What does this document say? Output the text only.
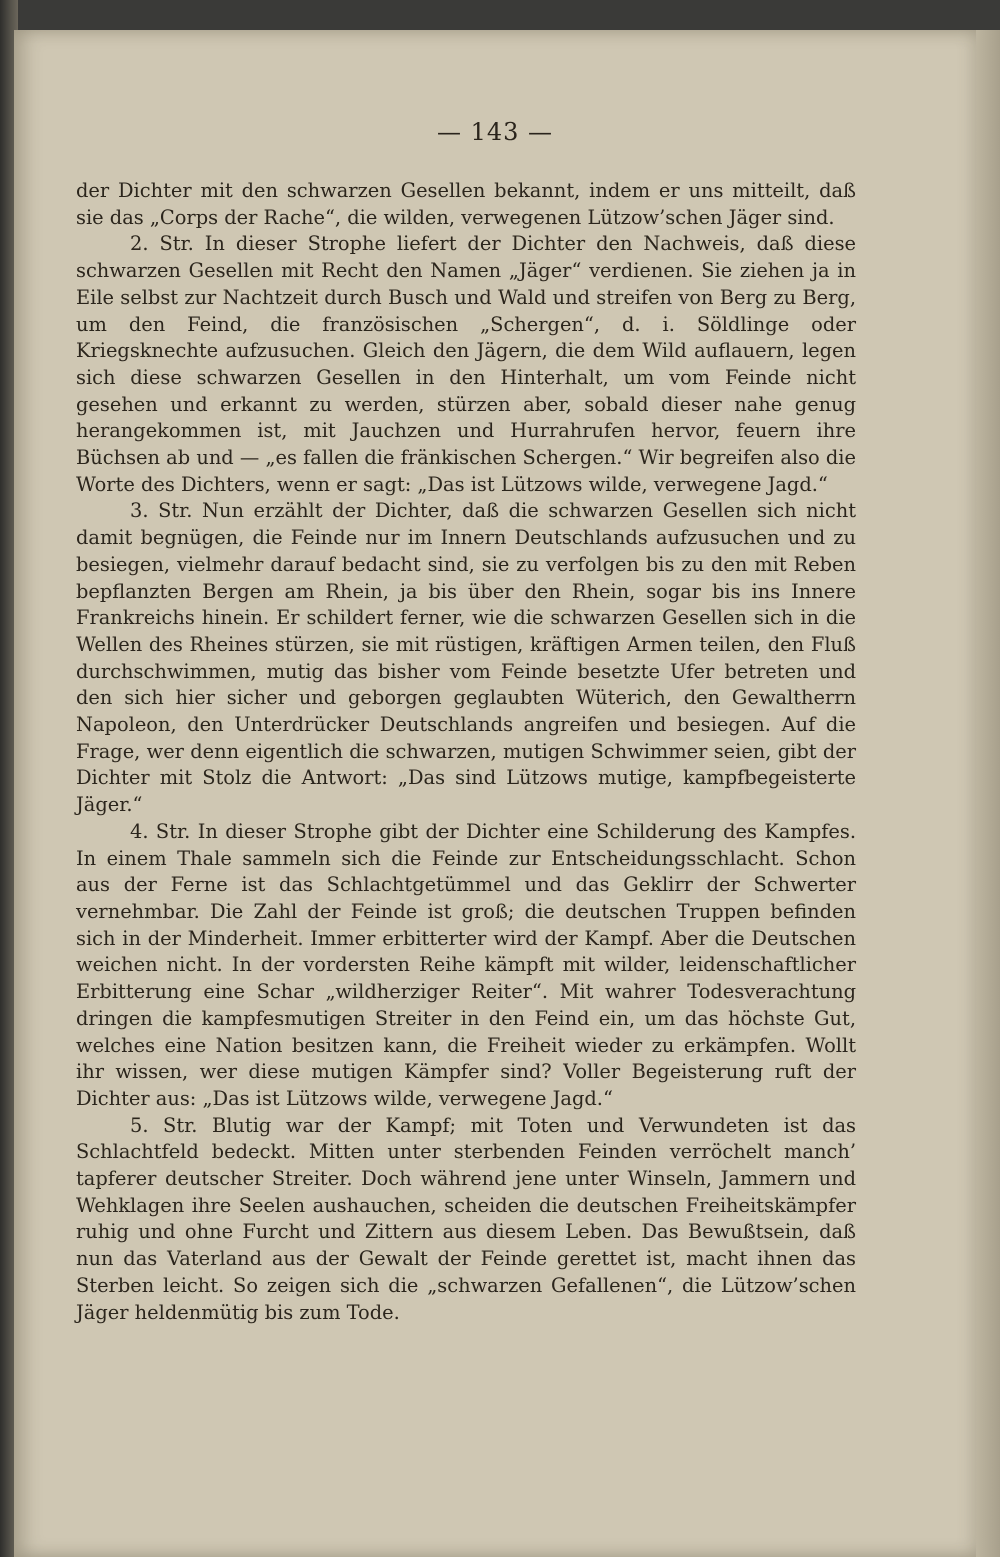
— 143 —

der Dichter mit den schwarzen Gesellen bekannt, indem er uns mitteilt, daß sie das „Corps der Rache“, die wilden, verwegenen Lützow’schen Jäger sind.

2. Str. In dieser Strophe liefert der Dichter den Nachweis, daß diese schwarzen Gesellen mit Recht den Namen „Jäger“ verdienen. Sie ziehen ja in Eile selbst zur Nachtzeit durch Busch und Wald und streifen von Berg zu Berg, um den Feind, die französischen „Schergen“, d. i. Söldlinge oder Kriegsknechte aufzusuchen. Gleich den Jägern, die dem Wild auflauern, legen sich diese schwarzen Gesellen in den Hinterhalt, um vom Feinde nicht gesehen und erkannt zu werden, stürzen aber, sobald dieser nahe genug herangekommen ist, mit Jauchzen und Hurrahrufen hervor, feuern ihre Büchsen ab und — „es fallen die fränkischen Schergen.“ Wir begreifen also die Worte des Dichters, wenn er sagt: „Das ist Lützows wilde, verwegene Jagd.“

3. Str. Nun erzählt der Dichter, daß die schwarzen Gesellen sich nicht damit begnügen, die Feinde nur im Innern Deutschlands aufzusuchen und zu besiegen, vielmehr darauf bedacht sind, sie zu verfolgen bis zu den mit Reben bepflanzten Bergen am Rhein, ja bis über den Rhein, sogar bis ins Innere Frankreichs hinein. Er schildert ferner, wie die schwarzen Gesellen sich in die Wellen des Rheines stürzen, sie mit rüstigen, kräftigen Armen teilen, den Fluß durchschwimmen, mutig das bisher vom Feinde besetzte Ufer betreten und den sich hier sicher und geborgen geglaubten Wüterich, den Gewaltherrn Napoleon, den Unterdrücker Deutschlands angreifen und besiegen. Auf die Frage, wer denn eigentlich die schwarzen, mutigen Schwimmer seien, gibt der Dichter mit Stolz die Antwort: „Das sind Lützows mutige, kampfbegeisterte Jäger.“

4. Str. In dieser Strophe gibt der Dichter eine Schilderung des Kampfes. In einem Thale sammeln sich die Feinde zur Entscheidungsschlacht. Schon aus der Ferne ist das Schlachtgetümmel und das Geklirr der Schwerter vernehmbar. Die Zahl der Feinde ist groß; die deutschen Truppen befinden sich in der Minderheit. Immer erbitterter wird der Kampf. Aber die Deutschen weichen nicht. In der vordersten Reihe kämpft mit wilder, leidenschaftlicher Erbitterung eine Schar „wildherziger Reiter“. Mit wahrer Todesverachtung dringen die kampfesmutigen Streiter in den Feind ein, um das höchste Gut, welches eine Nation besitzen kann, die Freiheit wieder zu erkämpfen. Wollt ihr wissen, wer diese mutigen Kämpfer sind? Voller Begeisterung ruft der Dichter aus: „Das ist Lützows wilde, verwegene Jagd.“

5. Str. Blutig war der Kampf; mit Toten und Verwundeten ist das Schlachtfeld bedeckt. Mitten unter sterbenden Feinden verröchelt manch’ tapferer deutscher Streiter. Doch während jene unter Winseln, Jammern und Wehklagen ihre Seelen aushauchen, scheiden die deutschen Freiheitskämpfer ruhig und ohne Furcht und Zittern aus diesem Leben. Das Bewußtsein, daß nun das Vaterland aus der Gewalt der Feinde gerettet ist, macht ihnen das Sterben leicht. So zeigen sich die „schwarzen Gefallenen“, die Lützow’schen Jäger heldenmütig bis zum Tode.
